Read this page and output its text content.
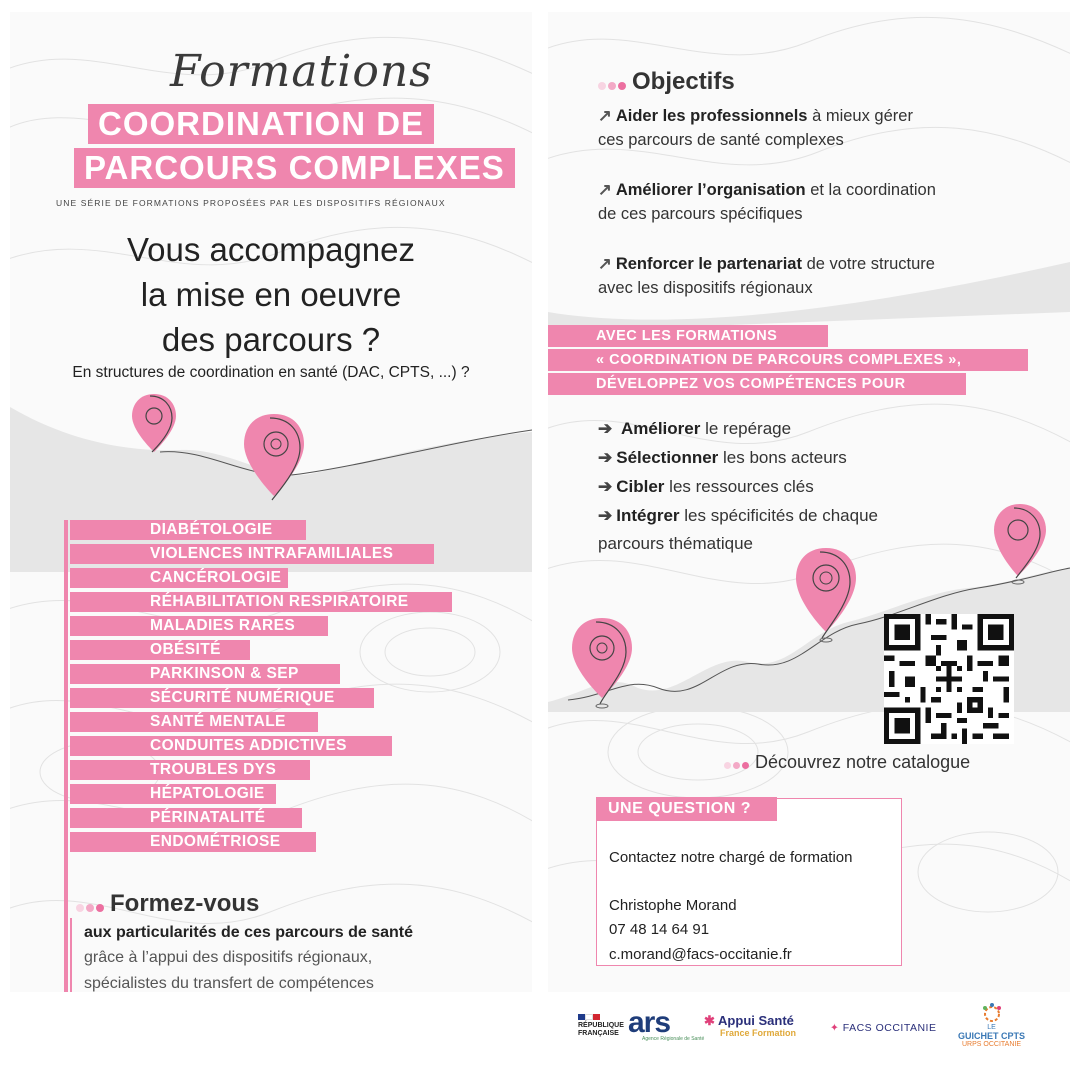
Formations
COORDINATION DE
PARCOURS COMPLEXES
UNE SÉRIE DE FORMATIONS PROPOSÉES PAR LES DISPOSITIFS RÉGIONAUX
Vous accompagnez
la mise en oeuvre
des parcours ?
En structures de coordination en santé (DAC, CPTS, ...) ?
DIABÉTOLOGIE
VIOLENCES INTRAFAMILIALES
CANCÉROLOGIE
RÉHABILITATION RESPIRATOIRE
MALADIES RARES
OBÉSITÉ
PARKINSON & SEP
SÉCURITÉ NUMÉRIQUE
SANTÉ MENTALE
CONDUITES ADDICTIVES
TROUBLES DYS
HÉPATOLOGIE
PÉRINATALITÉ
ENDOMÉTRIOSE
Formez-vous
aux particularités de ces parcours de santé
grâce à l’appui des dispositifs régionaux,
spécialistes du transfert de compétences
Objectifs
↗ Aider les professionnels à mieux gérer
ces parcours de santé complexes
↗ Améliorer l’organisation et la coordination
de ces parcours spécifiques
↗ Renforcer le partenariat de votre structure
avec les dispositifs régionaux
AVEC LES FORMATIONS
« COORDINATION DE PARCOURS COMPLEXES »,
DÉVELOPPEZ VOS COMPÉTENCES POUR
➔ Améliorer le repérage
➔ Sélectionner les bons acteurs
➔ Cibler les ressources clés
➔ Intégrer les spécificités de chaque
parcours thématique
Découvrez notre catalogue
UNE QUESTION ?
Contactez notre chargé de formation
Christophe Morand
07 48 14 64 91
c.morand@facs-occitanie.fr
RÉPUBLIQUE
FRANÇAISE ars
Agence Régionale de Santé
✱ Appui Santé
France Formation	✦ FACS OCCITANIE	LE
GUICHET CPTS
URPS OCCITANIE
